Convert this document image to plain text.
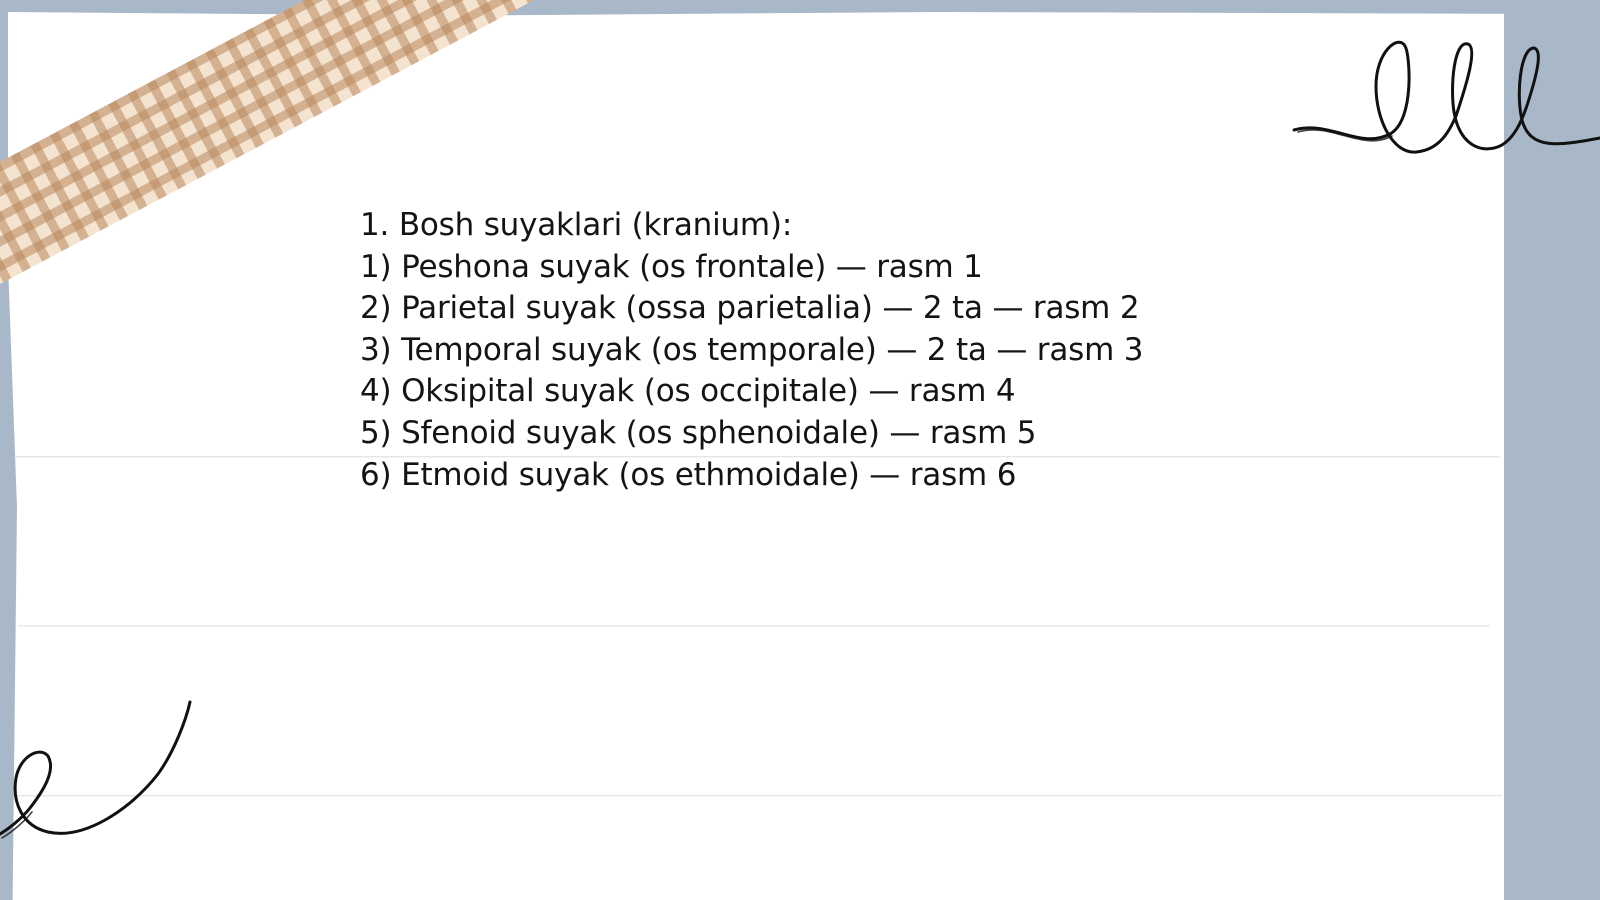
1. Bosh suyaklari (kranium):
1) Peshona suyak (os frontale) — rasm 1
2) Parietal suyak (ossa parietalia) — 2 ta — rasm 2
3) Temporal suyak (os temporale) — 2 ta — rasm 3
4) Oksipital suyak (os occipitale) — rasm 4
5) Sfenoid suyak (os sphenoidale) — rasm 5
6) Etmoid suyak (os ethmoidale) — rasm 6
